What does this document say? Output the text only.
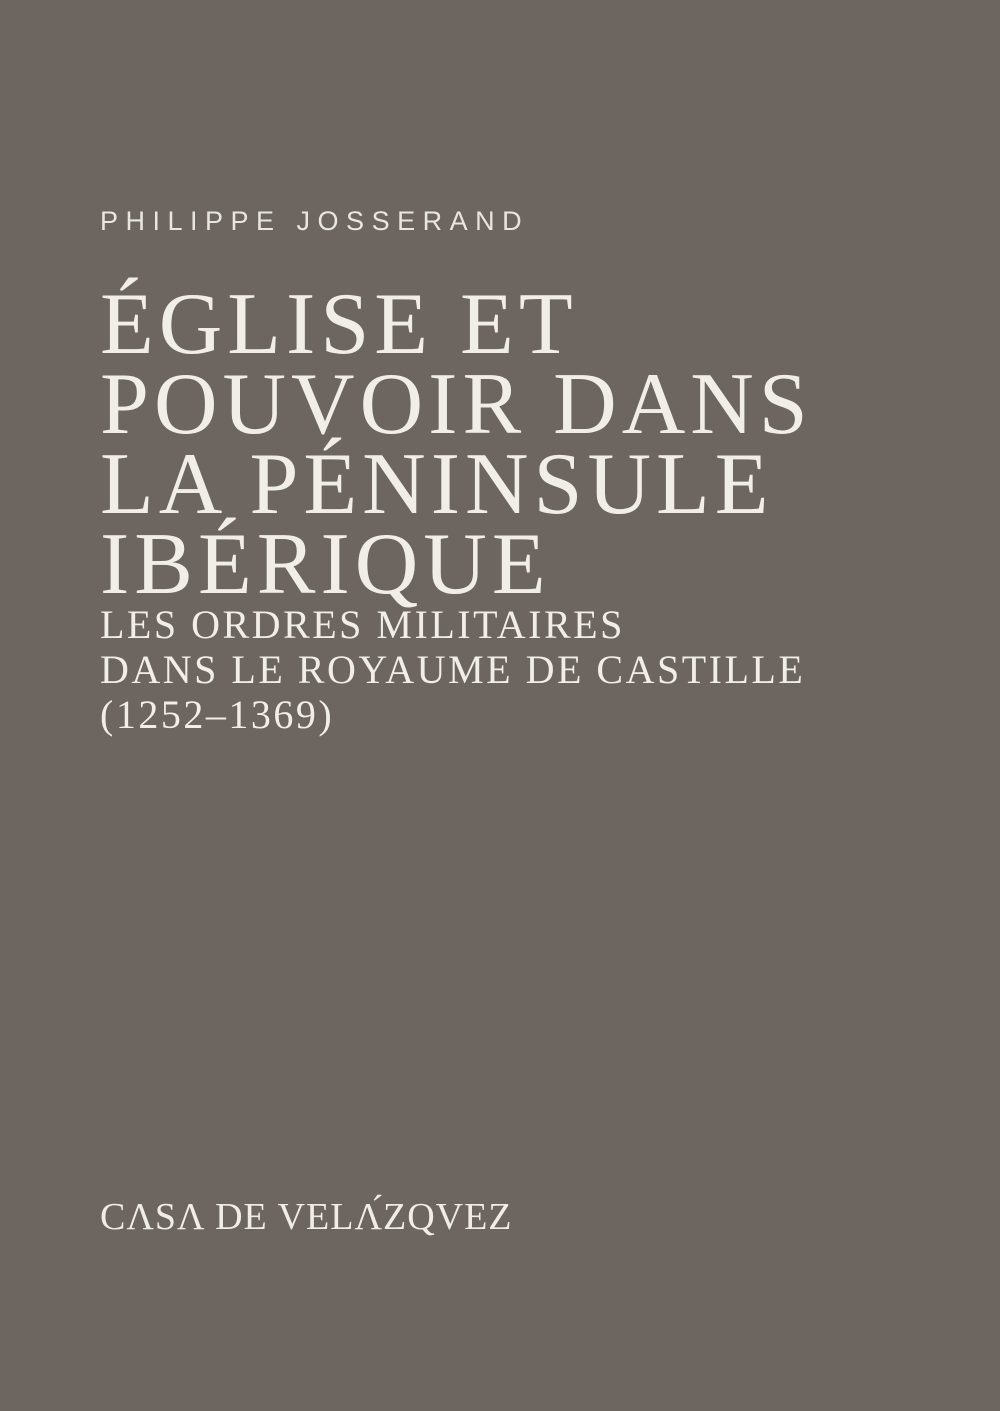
PHILIPPE JOSSERAND
ÉGLISE ET
POUVOIR DANS
LA PÉNINSULE
IBÉRIQUE
LES ORDRES MILITAIRES
DANS LE ROYAUME DE CASTILLE
(1252–1369)
CΛSΛ DE VELΛ́ZQVEZ
